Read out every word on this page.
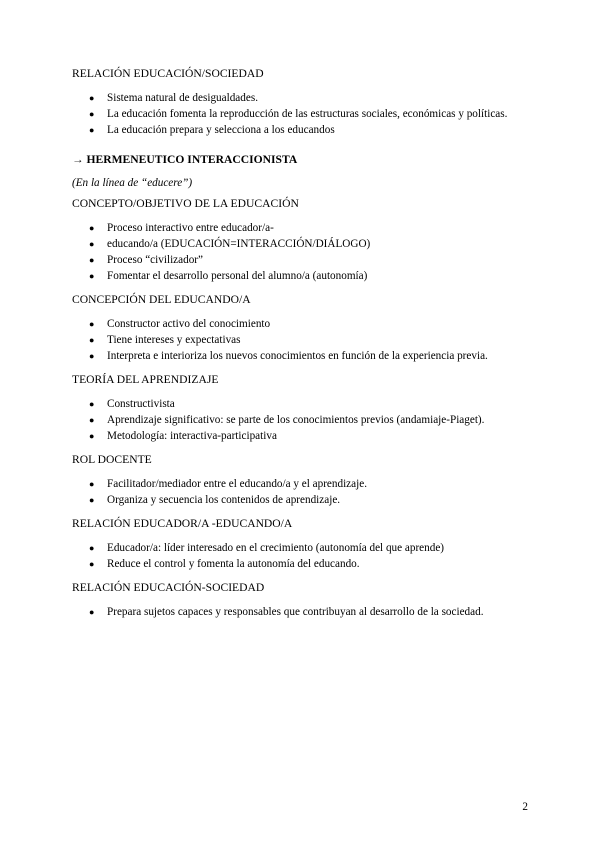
RELACIÓN EDUCACIÓN/SOCIEDAD

● Sistema natural de desigualdades.
● La educación fomenta la reproducción de las estructuras sociales, económicas y políticas.
● La educación prepara y selecciona a los educandos

→ HERMENEUTICO INTERACCIONISTA

(En la línea de “educere”)

CONCEPTO/OBJETIVO DE LA EDUCACIÓN

● Proceso interactivo entre educador/a-
● educando/a (EDUCACIÓN=INTERACCIÓN/DIÁLOGO)
● Proceso “civilizador”
● Fomentar el desarrollo personal del alumno/a (autonomía)

CONCEPCIÓN DEL EDUCANDO/A

● Constructor activo del conocimiento
● Tiene intereses y expectativas
● Interpreta e interioriza los nuevos conocimientos en función de la experiencia previa.

TEORÍA DEL APRENDIZAJE

● Constructivista
● Aprendizaje significativo: se parte de los conocimientos previos (andamiaje-Piaget).
● Metodología: interactiva-participativa

ROL DOCENTE

● Facilitador/mediador entre el educando/a y el aprendizaje.
● Organiza y secuencia los contenidos de aprendizaje.

RELACIÓN EDUCADOR/A -EDUCANDO/A

● Educador/a: líder interesado en el crecimiento (autonomía del que aprende)
● Reduce el control y fomenta la autonomía del educando.

RELACIÓN EDUCACIÓN-SOCIEDAD

● Prepara sujetos capaces y responsables que contribuyan al desarrollo de la sociedad.
2
